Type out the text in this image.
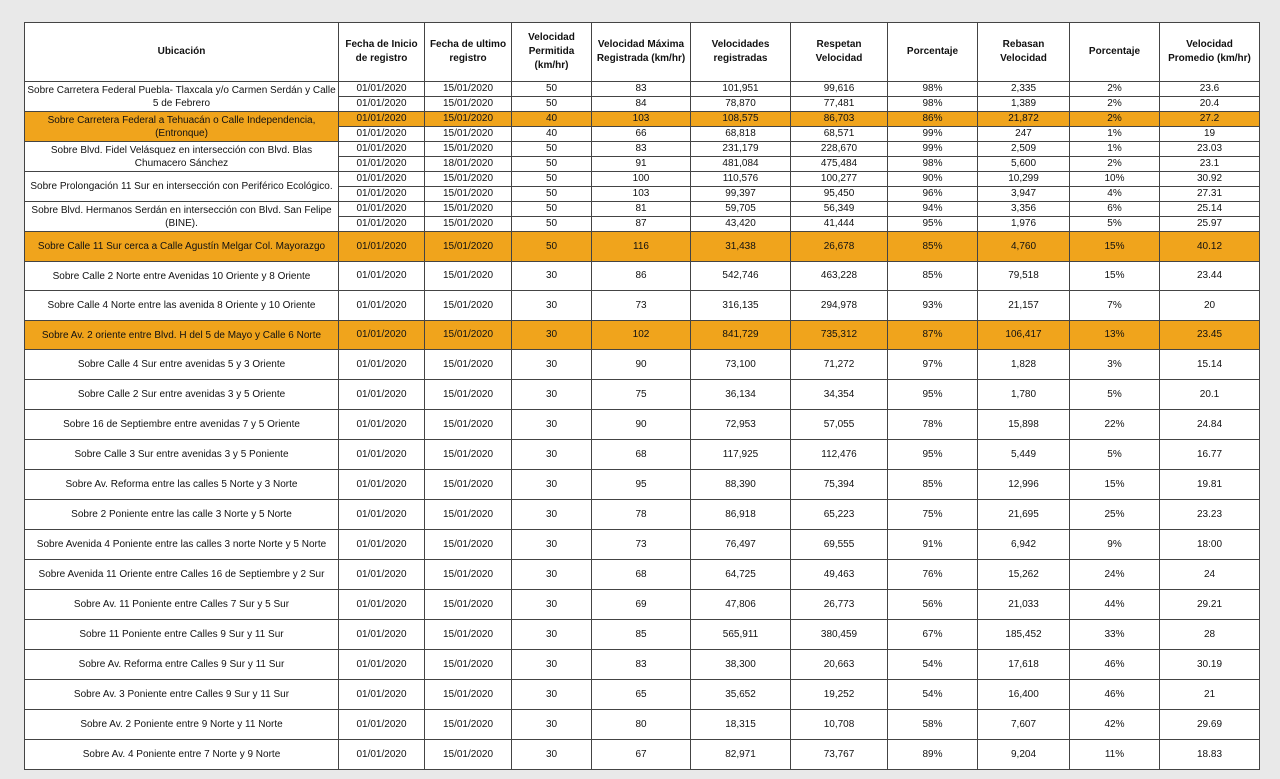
Ubicación	Fecha de Inicio de registro	Fecha de ultimo registro	Velocidad Permitida (km/hr)	Velocidad Máxima Registrada (km/hr)	Velocidades registradas	Respetan Velocidad	Porcentaje	Rebasan Velocidad	Porcentaje	Velocidad Promedio (km/hr)
Sobre Carretera Federal Puebla- Tlaxcala y/o Carmen Serdán y Calle 5 de Febrero	01/01/2020	15/01/2020	50	83	101,951	99,616	98%	2,335	2%	23.6
	01/01/2020	15/01/2020	50	84	78,870	77,481	98%	1,389	2%	20.4
Sobre Carretera Federal a Tehuacán o Calle Independencia, (Entronque)	01/01/2020	15/01/2020	40	103	108,575	86,703	86%	21,872	2%	27.2
	01/01/2020	15/01/2020	40	66	68,818	68,571	99%	247	1%	19
Sobre Blvd. Fidel Velásquez en intersección con Blvd. Blas Chumacero Sánchez	01/01/2020	15/01/2020	50	83	231,179	228,670	99%	2,509	1%	23.03
	01/01/2020	18/01/2020	50	91	481,084	475,484	98%	5,600	2%	23.1
Sobre Prolongación 11 Sur en intersección con Periférico Ecológico.	01/01/2020	15/01/2020	50	100	110,576	100,277	90%	10,299	10%	30.92
	01/01/2020	15/01/2020	50	103	99,397	95,450	96%	3,947	4%	27.31
Sobre Blvd. Hermanos Serdán en intersección con Blvd. San Felipe (BINE).	01/01/2020	15/01/2020	50	81	59,705	56,349	94%	3,356	6%	25.14
	01/01/2020	15/01/2020	50	87	43,420	41,444	95%	1,976	5%	25.97
Sobre Calle 11 Sur cerca a Calle Agustín Melgar Col. Mayorazgo	01/01/2020	15/01/2020	50	116	31,438	26,678	85%	4,760	15%	40.12
Sobre Calle 2 Norte entre Avenidas 10 Oriente y 8 Oriente	01/01/2020	15/01/2020	30	86	542,746	463,228	85%	79,518	15%	23.44
Sobre Calle 4 Norte entre las avenida 8 Oriente y 10 Oriente	01/01/2020	15/01/2020	30	73	316,135	294,978	93%	21,157	7%	20
Sobre Av. 2 oriente entre Blvd. H del 5 de Mayo y Calle 6 Norte	01/01/2020	15/01/2020	30	102	841,729	735,312	87%	106,417	13%	23.45
Sobre Calle 4 Sur entre avenidas 5 y 3 Oriente	01/01/2020	15/01/2020	30	90	73,100	71,272	97%	1,828	3%	15.14
Sobre Calle 2 Sur entre avenidas 3 y 5 Oriente	01/01/2020	15/01/2020	30	75	36,134	34,354	95%	1,780	5%	20.1
Sobre 16 de Septiembre entre avenidas 7 y 5 Oriente	01/01/2020	15/01/2020	30	90	72,953	57,055	78%	15,898	22%	24.84
Sobre Calle 3 Sur entre avenidas 3 y 5 Poniente	01/01/2020	15/01/2020	30	68	117,925	112,476	95%	5,449	5%	16.77
Sobre Av. Reforma entre las calles 5 Norte y 3 Norte	01/01/2020	15/01/2020	30	95	88,390	75,394	85%	12,996	15%	19.81
Sobre 2 Poniente entre las calle 3 Norte y 5 Norte	01/01/2020	15/01/2020	30	78	86,918	65,223	75%	21,695	25%	23.23
Sobre Avenida 4 Poniente entre las calles 3 norte Norte y 5 Norte	01/01/2020	15/01/2020	30	73	76,497	69,555	91%	6,942	9%	18:00
Sobre Avenida 11 Oriente entre Calles 16 de Septiembre y 2 Sur	01/01/2020	15/01/2020	30	68	64,725	49,463	76%	15,262	24%	24
Sobre Av. 11 Poniente entre Calles 7 Sur y 5 Sur	01/01/2020	15/01/2020	30	69	47,806	26,773	56%	21,033	44%	29.21
Sobre 11 Poniente entre Calles 9 Sur y 11 Sur	01/01/2020	15/01/2020	30	85	565,911	380,459	67%	185,452	33%	28
Sobre Av. Reforma entre Calles 9 Sur y 11 Sur	01/01/2020	15/01/2020	30	83	38,300	20,663	54%	17,618	46%	30.19
Sobre Av. 3 Poniente entre Calles 9 Sur y 11 Sur	01/01/2020	15/01/2020	30	65	35,652	19,252	54%	16,400	46%	21
Sobre Av. 2 Poniente entre 9 Norte y 11 Norte	01/01/2020	15/01/2020	30	80	18,315	10,708	58%	7,607	42%	29.69
Sobre Av. 4 Poniente entre 7 Norte y 9 Norte	01/01/2020	15/01/2020	30	67	82,971	73,767	89%	9,204	11%	18.83
